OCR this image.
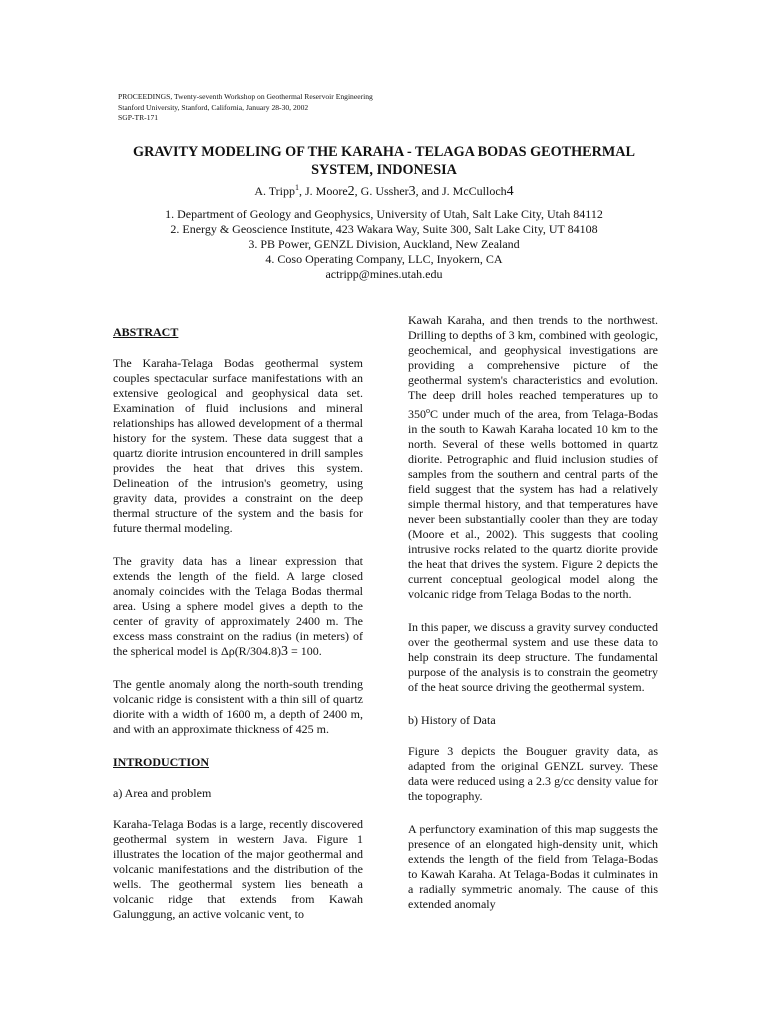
PROCEEDINGS, Twenty-seventh Workshop on Geothermal Reservoir Engineering
Stanford University, Stanford, California, January 28-30, 2002
SGP-TR-171
GRAVITY MODELING OF THE KARAHA - TELAGA BODAS GEOTHERMAL
SYSTEM, INDONESIA
A. Tripp$^1$, J. Moore2, G. Ussher3, and J. McCulloch4
1. Department of Geology and Geophysics, University of Utah, Salt Lake City, Utah 84112
2. Energy & Geoscience Institute, 423 Wakara Way, Suite 300, Salt Lake City, UT 84108
3. PB Power, GENZL Division, Auckland, New Zealand
4. Coso Operating Company, LLC, Inyokern, CA
actripp@mines.utah.edu

ABSTRACT

The Karaha-Telaga Bodas geothermal system couples spectacular surface manifestations with an extensive geological and geophysical data set. Examination of fluid inclusions and mineral relationships has allowed development of a thermal history for the system. These data suggest that a quartz diorite intrusion encountered in drill samples provides the heat that drives this system. Delineation of the intrusion's geometry, using gravity data, provides a constraint on the deep thermal structure of the system and the basis for future thermal modeling.

The gravity data has a linear expression that extends the length of the field. A large closed anomaly coincides with the Telaga Bodas thermal area. Using a sphere model gives a depth to the center of gravity of approximately 2400 m. The excess mass constraint on the radius (in meters) of the spherical model is Δρ(R/304.8)3 = 100.

The gentle anomaly along the north-south trending volcanic ridge is consistent with a thin sill of quartz diorite with a width of 1600 m, a depth of 2400 m, and with an approximate thickness of 425 m.

INTRODUCTION

a) Area and problem

Karaha-Telaga Bodas is a large, recently discovered geothermal system in western Java. Figure 1 illustrates the location of the major geothermal and volcanic manifestations and the distribution of the wells. The geothermal system lies beneath a volcanic ridge that extends from Kawah Galunggung, an active volcanic vent, to

Kawah Karaha, and then trends to the northwest. Drilling to depths of 3 km, combined with geologic, geochemical, and geophysical investigations are providing a comprehensive picture of the geothermal system's characteristics and evolution. The deep drill holes reached temperatures up to 350$^o$C under much of the area, from Telaga-Bodas in the south to Kawah Karaha located 10 km to the north. Several of these wells bottomed in quartz diorite. Petrographic and fluid inclusion studies of samples from the southern and central parts of the field suggest that the system has had a relatively simple thermal history, and that temperatures have never been substantially cooler than they are today (Moore et al., 2002). This suggests that cooling intrusive rocks related to the quartz diorite provide the heat that drives the system. Figure 2 depicts the current conceptual geological model along the volcanic ridge from Telaga Bodas to the north.

In this paper, we discuss a gravity survey conducted over the geothermal system and use these data to help constrain its deep structure. The fundamental purpose of the analysis is to constrain the geometry of the heat source driving the geothermal system.

b) History of Data

Figure 3 depicts the Bouguer gravity data, as adapted from the original GENZL survey. These data were reduced using a 2.3 g/cc density value for the topography.

A perfunctory examination of this map suggests the presence of an elongated high-density unit, which extends the length of the field from Telaga-Bodas to Kawah Karaha. At Telaga-Bodas it culminates in a radially symmetric anomaly. The cause of this extended anomaly
